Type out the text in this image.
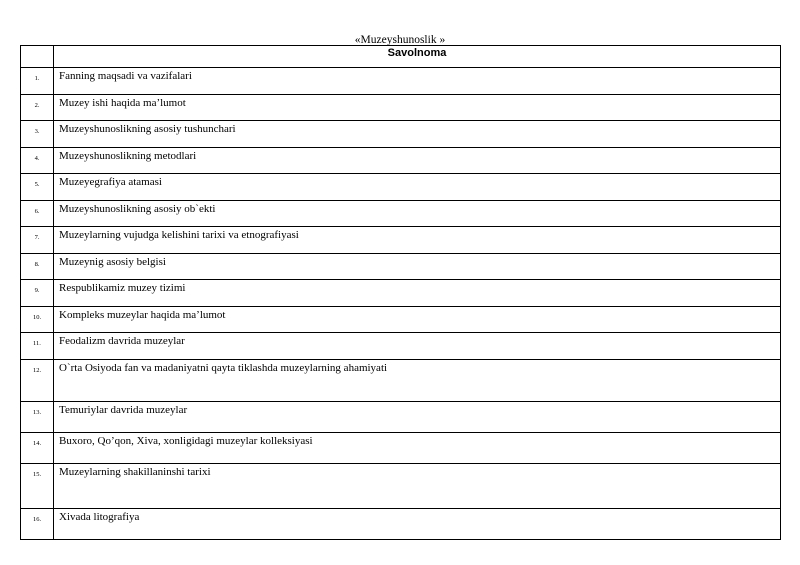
«Muzeyshunoslik »
	Savolnoma
1.	Fanning maqsadi va vazifalari
2.	Muzey ishi haqida ma’lumot
3.	Muzeyshunoslikning asosiy tushunchari
4.	Muzeyshunoslikning metodlari
5.	Muzeyegrafiya atamasi
6.	Muzeyshunoslikning asosiy ob`ekti
7.	Muzeylarning vujudga kelishini tarixi va etnografiyasi
8.	Muzeynig asosiy belgisi
9.	Respublikamiz muzey tizimi
10.	Kompleks muzeylar haqida ma’lumot
11.	Feodalizm davrida muzeylar
12.	O`rta Osiyoda fan va madaniyatni qayta tiklashda muzeylarning ahamiyati
13.	Temuriylar davrida muzeylar
14.	Buxoro, Qo’qon, Xiva, xonligidagi muzeylar kolleksiyasi
15.	Muzeylarning shakillaninshi tarixi
16.	Xivada litografiya
